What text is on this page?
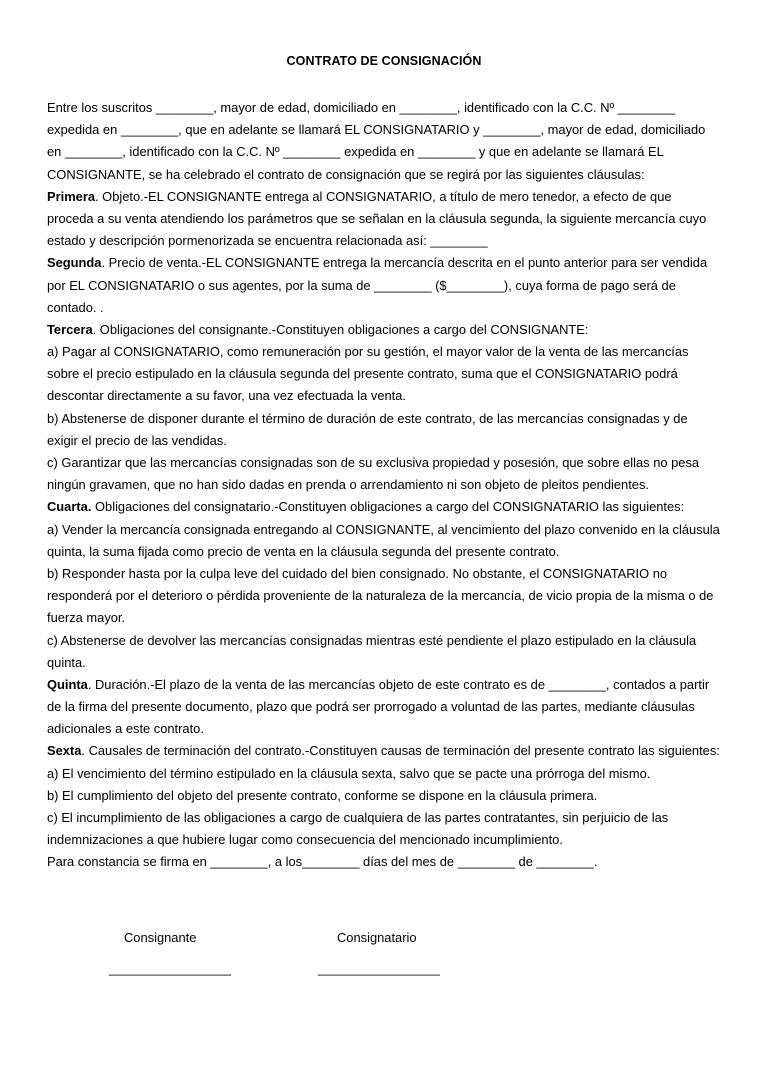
CONTRATO DE CONSIGNACIÓN
Entre los suscritos ________, mayor de edad, domiciliado en ________, identificado con la C.C. Nº ________
expedida en ________, que en adelante se llamará EL CONSIGNATARIO y ________, mayor de edad, domiciliado
en ________, identificado con la C.C. Nº ________ expedida en ________ y que en adelante se llamará EL
CONSIGNANTE, se ha celebrado el contrato de consignación que se regirá por las siguientes cláusulas:
Primera. Objeto.-EL CONSIGNANTE entrega al CONSIGNATARIO, a título de mero tenedor, a efecto de que
proceda a su venta atendiendo los parámetros que se señalan en la cláusula segunda, la siguiente mercancía cuyo
estado y descripción pormenorizada se encuentra relacionada así: ________
Segunda. Precio de venta.-EL CONSIGNANTE entrega la mercancía descrita en el punto anterior para ser vendida
por EL CONSIGNATARIO o sus agentes, por la suma de ________ ($________), cuya forma de pago será de
contado. .
Tercera. Obligaciones del consignante.-Constituyen obligaciones a cargo del CONSIGNANTE:
a) Pagar al CONSIGNATARIO, como remuneración por su gestión, el mayor valor de la venta de las mercancías
sobre el precio estipulado en la cláusula segunda del presente contrato, suma que el CONSIGNATARIO podrá
descontar directamente a su favor, una vez efectuada la venta.
b) Abstenerse de disponer durante el término de duración de este contrato, de las mercancías consignadas y de
exigir el precio de las vendidas.
c) Garantizar que las mercancías consignadas son de su exclusiva propiedad y posesión, que sobre ellas no pesa
ningún gravamen, que no han sido dadas en prenda o arrendamiento ni son objeto de pleitos pendientes.
Cuarta. Obligaciones del consignatario.-Constituyen obligaciones a cargo del CONSIGNATARIO las siguientes:
a) Vender la mercancía consignada entregando al CONSIGNANTE, al vencimiento del plazo convenido en la cláusula
quinta, la suma fijada como precio de venta en la cláusula segunda del presente contrato.
b) Responder hasta por la culpa leve del cuidado del bien consignado. No obstante, el CONSIGNATARIO no
responderá por el deterioro o pérdida proveniente de la naturaleza de la mercancía, de vicio propia de la misma o de
fuerza mayor.
c) Abstenerse de devolver las mercancías consignadas mientras esté pendiente el plazo estipulado en la cláusula
quinta.
Quinta. Duración.-El plazo de la venta de las mercancías objeto de este contrato es de ________, contados a partir
de la firma del presente documento, plazo que podrá ser prorrogado a voluntad de las partes, mediante cláusulas
adicionales a este contrato.
Sexta. Causales de terminación del contrato.-Constituyen causas de terminación del presente contrato las siguientes:
a) El vencimiento del término estipulado en la cláusula sexta, salvo que se pacte una prórroga del mismo.
b) El cumplimiento del objeto del presente contrato, conforme se dispone en la cláusula primera.
c) El incumplimiento de las obligaciones a cargo de cualquiera de las partes contratantes, sin perjuicio de las
indemnizaciones a que hubiere lugar como consecuencia del mencionado incumplimiento.
Para constancia se firma en ________, a los________ días del mes de ________ de ________.
Consignante
_________________
Consignatario
_________________
